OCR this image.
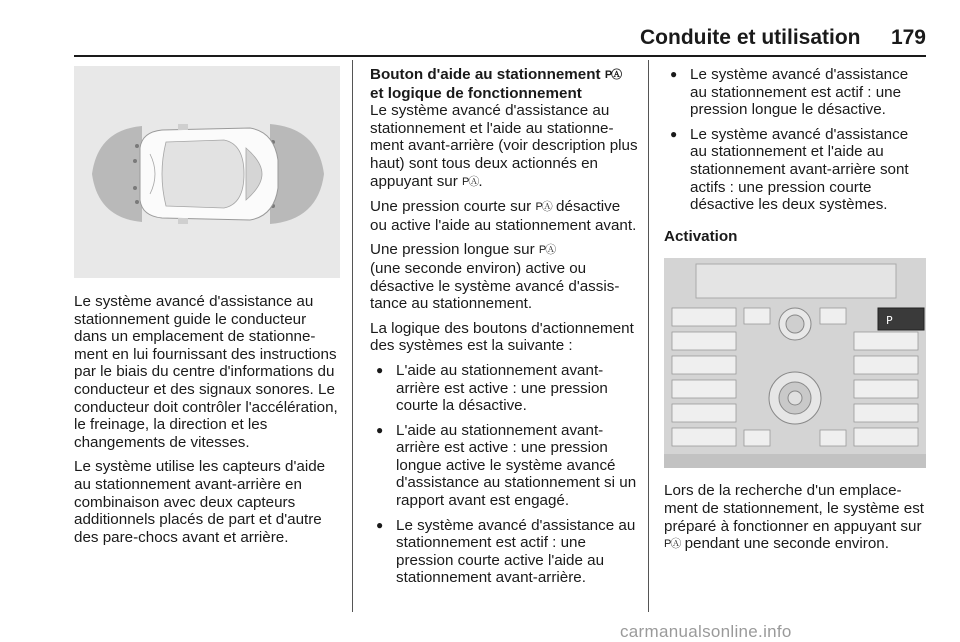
Conduite et utilisation 179

Le système avancé d'assistance au stationnement guide le conducteur dans un emplacement de stationnement en lui fournissant des instructions par le biais du centre d'informations du conducteur et des signaux sonores. Le conducteur doit contrôler l'accélération, le freinage, la direction et les changements de vitesses.

Le système utilise les capteurs d'aide au stationnement avant-arrière en combinaison avec deux capteurs additionnels placés de part et d'autre des pare-chocs avant et arrière.

Bouton d'aide au stationnement PⒶ
et logique de fonctionnement

Le système avancé d'assistance au stationnement et l'aide au stationnement avant-arrière (voir description plus haut) sont tous deux actionnés en appuyant sur PⒶ.

Une pression courte sur PⒶ désactive ou active l'aide au stationnement avant.

Une pression longue sur PⒶ
(une seconde environ) active ou désactive le système avancé d'assistance au stationnement.

La logique des boutons d'actionnement des systèmes est la suivante :

● L'aide au stationnement avant-arrière est active : une pression courte la désactive.
● L'aide au stationnement avant-arrière est active : une pression longue active le système avancé d'assistance au stationnement si un rapport avant est engagé.
● Le système avancé d'assistance au stationnement est actif : une pression courte active l'aide au stationnement avant-arrière.
● Le système avancé d'assistance au stationnement est actif : une pression longue le désactive.
● Le système avancé d'assistance au stationnement et l'aide au stationnement avant-arrière sont actifs : une pression courte désactive les deux systèmes.
Activation
P

Lors de la recherche d'un emplacement de stationnement, le système est préparé à fonctionner en appuyant sur PⒶ pendant une seconde environ.

carmanualsonline.info
